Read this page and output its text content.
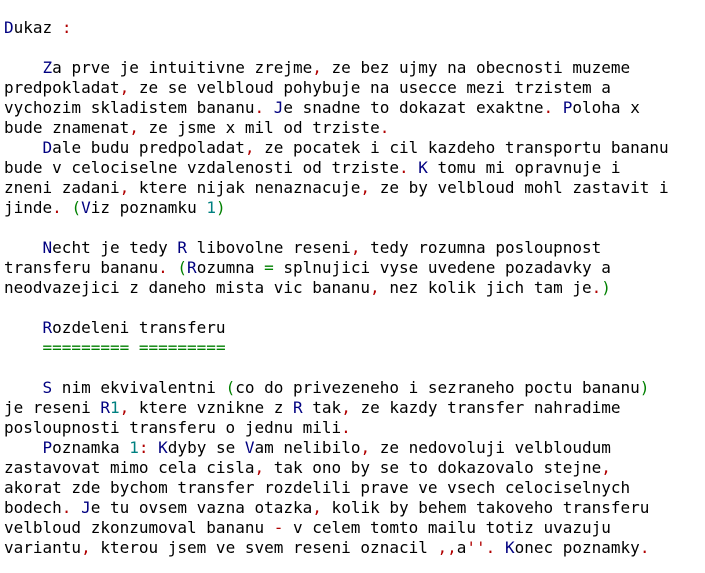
Dukaz :

Za prve je intuitivne zrejme, ze bez ujmy na obecnosti muzeme
predpokladat, ze se velbloud pohybuje na usecce mezi trzistem a
vychozim skladistem bananu. Je snadne to dokazat exaktne. Poloha x
bude znamenat, ze jsme x mil od trziste.
Dale budu predpoladat, ze pocatek i cil kazdeho transportu bananu
bude v celociselne vzdalenosti od trziste. K tomu mi opravnuje i
zneni zadani, ktere nijak nenaznacuje, ze by velbloud mohl zastavit i
jinde. (Viz poznamku 1)

Necht je tedy R libovolne reseni, tedy rozumna posloupnost
transferu bananu. (Rozumna = splnujici vyse uvedene pozadavky a
neodvazejici z daneho mista vic bananu, nez kolik jich tam je.)

Rozdeleni transferu
========= =========

S nim ekvivalentni (co do privezeneho i sezraneho poctu bananu)
je reseni R1, ktere vznikne z R tak, ze kazdy transfer nahradime
posloupnosti transferu o jednu mili.
Poznamka 1: Kdyby se Vam nelibilo, ze nedovoluji velbloudum
zastavovat mimo cela cisla, tak ono by se to dokazovalo stejne,
akorat zde bychom transfer rozdelili prave ve vsech celociselnych
bodech. Je tu ovsem vazna otazka, kolik by behem takoveho transferu
velbloud zkonzumoval bananu - v celem tomto mailu totiz uvazuju
variantu, kterou jsem ve svem reseni oznacil ,,a''. Konec poznamky.
